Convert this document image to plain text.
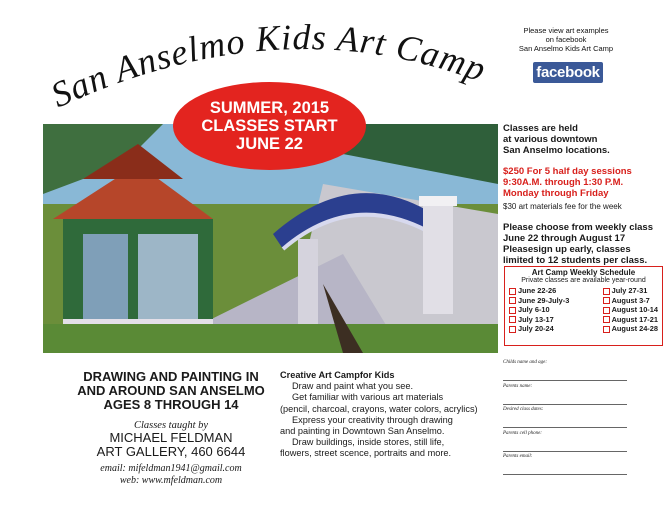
San Anselmo Kids Art Camp
Please view art examples
on facebook
San Anselmo Kids Art Camp
facebook
SUMMER, 2015
CLASSES START
JUNE 22
Classes are held
at various downtown
San Anselmo locations.
$250 For 5 half day sessions
9:30A.M. through 1:30 P.M.
Monday through Friday
$30 art materials fee for the week
Please choose from weekly class
June 22 through August 17
Pleasesign up early, classes
limited to 12 students per class.
Art Camp Weekly Schedule
Private classes are available year-round
June 22-26
June 29-July-3
July 6-10
July 13-17
July 20-24
July 27-31
August 3-7
August 10-14
August 17-21
August 24-28
DRAWING AND PAINTING IN
AND AROUND SAN ANSELMO
AGES 8 THROUGH 14
Classes taught by
MICHAEL FELDMAN
ART GALLERY, 460 6644
email: mifeldman1941@gmail.com
web: www.mfeldman.com
Creative Art Campfor Kids
Draw and paint what you see.
Get familiar with various art materials
(pencil, charcoal, crayons, water colors, acrylics)
Express your creativity through drawing
and painting in Downtown San Anselmo.
Draw buildings, inside stores, still life,
flowers, street scence, portraits and more.
Childs name and age:
Parents name:
Desired class dates:
Parents cell phone:
Parents email:
